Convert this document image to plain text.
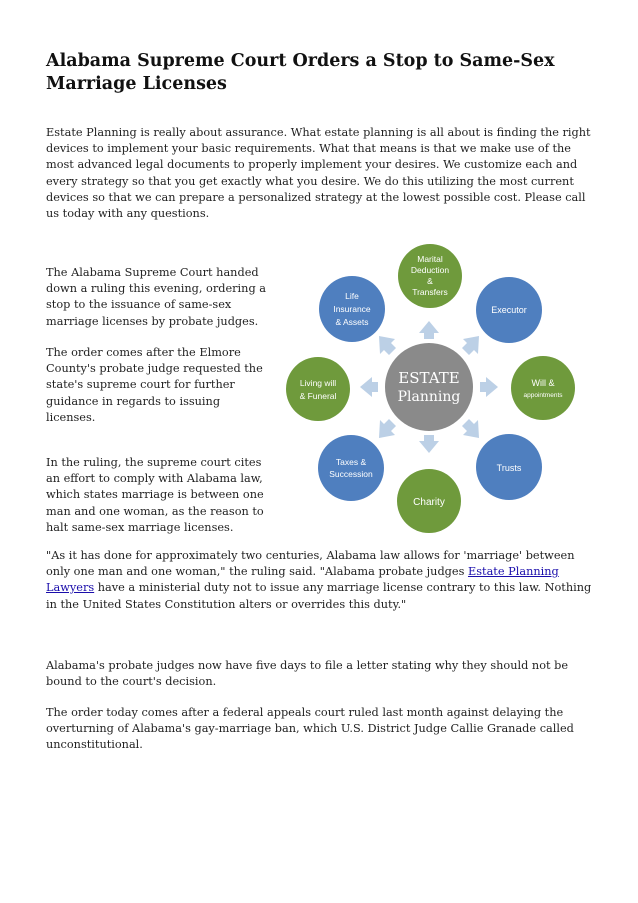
Alabama Supreme Court Orders a Stop to Same-Sex Marriage Licenses

Estate Planning is really about assurance. What estate planning is all about is finding the right devices to implement your basic requirements. What that means is that we make use of the most advanced legal documents to properly implement your desires. We customize each and every strategy so that you get exactly what you desire. We do this utilizing the most current devices so that we can prepare a personalized strategy at the lowest possible cost. Please call us today with any questions.

The Alabama Supreme Court handed down a ruling this evening, ordering a stop to the issuance of same-sex marriage licenses by probate judges.

The order comes after the Elmore County's probate judge requested the state's supreme court for further guidance in regards to issuing licenses.

In the ruling, the supreme court cites an effort to comply with Alabama law, which states marriage is between one man and one woman, as the reason to halt same-sex marriage licenses.

"As it has done for approximately two centuries, Alabama law allows for 'marriage' between only one man and one woman," the ruling said. "Alabama probate judges Estate Planning Lawyers have a ministerial duty not to issue any marriage license contrary to this law. Nothing in the United States Constitution alters or overrides this duty."

Alabama's probate judges now have five days to file a letter stating why they should not be bound to the court's decision.

The order today comes after a federal appeals court ruled last month against delaying the overturning of Alabama's gay-marriage ban, which U.S. District Judge Callie Granade called unconstitutional.

ESTATE
Planning
Marital
Deduction
&
Transfers
Life
Insurance
& Assets
Executor
Living will
& Funeral
Will &
appointments
Taxes &
Succession
Trusts
Charity
